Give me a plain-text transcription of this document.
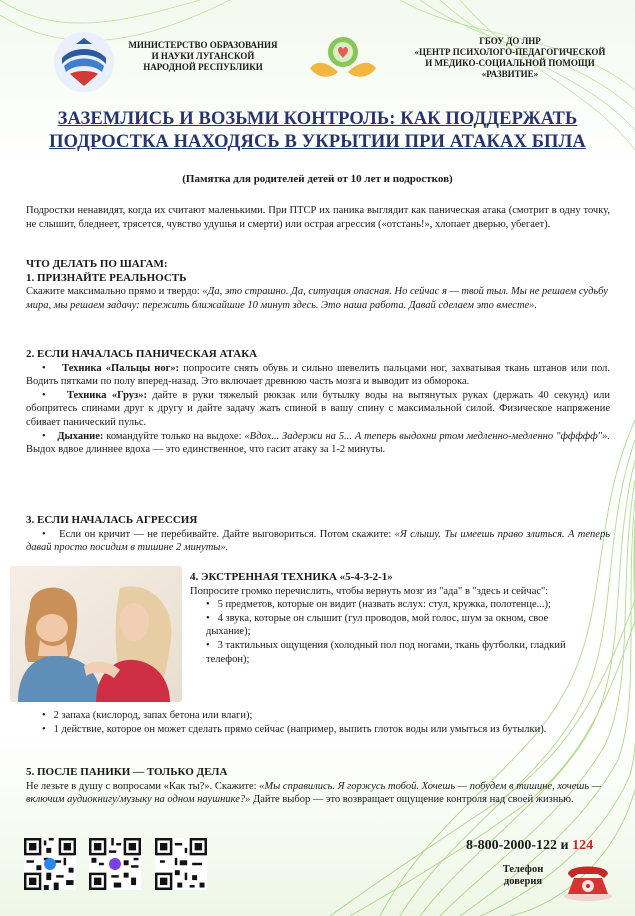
МИНИСТЕРСТВО ОБРАЗОВАНИЯ
И НАУКИ ЛУГАНСКОЙ
НАРОДНОЙ РЕСПУБЛИКИ
ГБОУ ДО ЛНР
«ЦЕНТР ПСИХОЛОГО-ПЕДАГОГИЧЕСКОЙ
И МЕДИКО-СОЦИАЛЬНОЙ ПОМОЩИ
«РАЗВИТИЕ»
ЗАЗЕМЛИСЬ И ВОЗЬМИ КОНТРОЛЬ: КАК ПОДДЕРЖАТЬ
ПОДРОСТКА НАХОДЯСЬ В УКРЫТИИ ПРИ АТАКАХ БПЛА
(Памятка для родителей детей от 10 лет и подростков)

Подростки ненавидят, когда их считают маленькими. При ПТСР их паника выглядит как паническая атака (смотрит в одну точку, не слышит, бледнеет, трясется, чувство удушья и смерти) или острая агрессия («отстань!», хлопает дверью, убегает).

ЧТО ДЕЛАТЬ ПО ШАГАМ:

1. ПРИЗНАЙТЕ РЕАЛЬНОСТЬ

Скажите максимально прямо и твердо: «Да, это страшно. Да, ситуация опасная. Но сейчас я — твой тыл. Мы не решаем судьбу мира, мы решаем задачу: пережить ближайшие 10 минут здесь. Это наша работа. Давай сделаем это вместе».

2. ЕСЛИ НАЧАЛАСЬ ПАНИЧЕСКАЯ АТАКА

•    Техника «Пальцы ног»: попросите снять обувь и сильно шевелить пальцами ног, захватывая ткань штанов или пол. Водить пятками по полу вперед-назад. Это включает древнюю часть мозга и выводит из обморока.

•    Техника «Груз»: дайте в руки тяжелый рюкзак или бутылку воды на вытянутых руках (держать 40 секунд) или обопритесь спинами друг к другу и дайте задачу жать спиной в вашу спину с максимальной силой. Физическое напряжение сбивает панический пульс.

•    Дыхание: командуйте только на выдохе: «Вдох... Задержи на 5... А теперь выдохни ртом медленно-медленно "ффффф"». Выдох вдвое длиннее вдоха — это единственное, что гасит атаку за 1-2 минуты.

3. ЕСЛИ НАЧАЛАСЬ АГРЕССИЯ

•    Если он кричит — не перебивайте. Дайте выговориться. Потом скажите: «Я слышу. Ты имеешь право злиться. А теперь давай просто посидим в тишине 2 минуты».

4. ЭКСТРЕННАЯ ТЕХНИКА «5-4-3-2-1»

Попросите громко перечислить, чтобы вернуть мозг из "ада" в "здесь и сейчас":

•   5 предметов, которые он видит (назвать вслух: стул, кружка, полотенце...);

•   4 звука, которые он слышит (гул проводов, мой голос, шум за окном, свое дыхание);

•   3 тактильных ощущения (холодный пол под ногами, ткань футболки, гладкий телефон);

•   2 запаха (кислород, запах бетона или влаги);

•   1 действие, которое он может сделать прямо сейчас (например, выпить глоток воды или умыться из бутылки).

5. ПОСЛЕ ПАНИКИ — ТОЛЬКО ДЕЛА

Не лезьте в душу с вопросами «Как ты?». Скажите: «Мы справились. Я горжусь тобой. Хочешь — побудем в тишине, хочешь — включим аудиокнигу/музыку на одном наушнике?» Дайте выбор — это возвращает ощущение контроля над своей жизнью.

8-800-2000-122 и 124
Телефон
доверия
